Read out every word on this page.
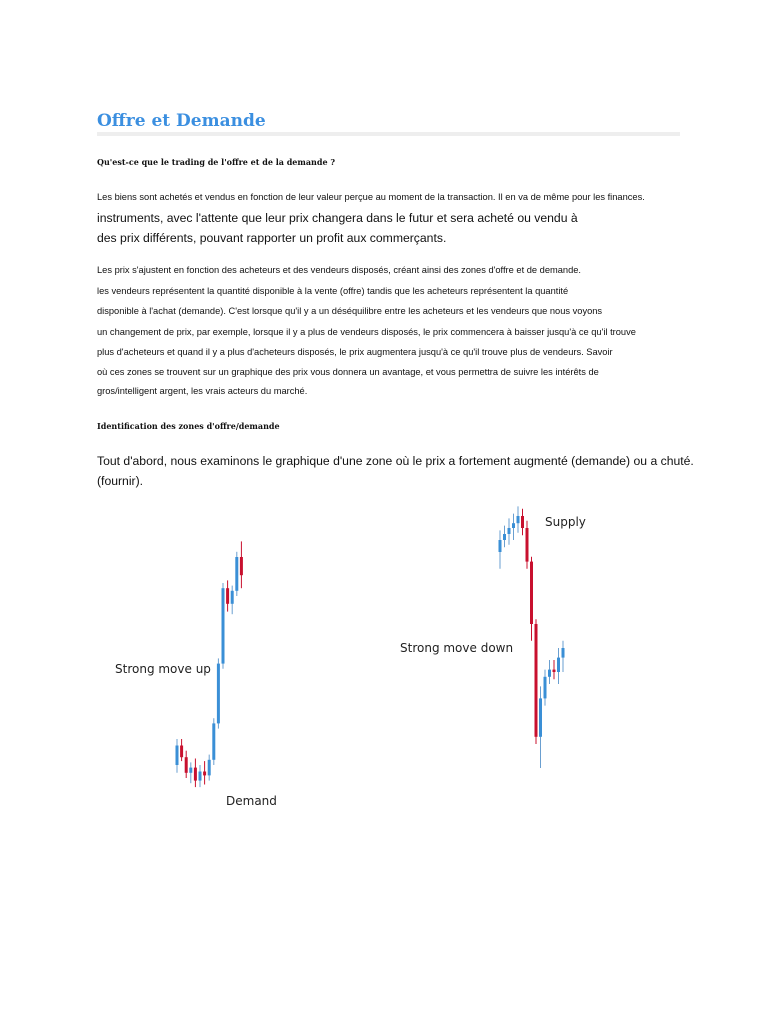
Offre et Demande

Qu'est-ce que le trading de l'offre et de la demande ?

Les biens sont achetés et vendus en fonction de leur valeur perçue au moment de la transaction. Il en va de même pour les finances.

instruments, avec l'attente que leur prix changera dans le futur et sera acheté ou vendu à

des prix différents, pouvant rapporter un profit aux commerçants.

Les prix s'ajustent en fonction des acheteurs et des vendeurs disposés, créant ainsi des zones d'offre et de demande.

les vendeurs représentent la quantité disponible à la vente (offre) tandis que les acheteurs représentent la quantité

disponible à l'achat (demande). C'est lorsque qu'il y a un déséquilibre entre les acheteurs et les vendeurs que nous voyons

un changement de prix, par exemple, lorsque il y a plus de vendeurs disposés, le prix commencera à baisser jusqu'à ce qu'il trouve

plus d'acheteurs et quand il y a plus d'acheteurs disposés, le prix augmentera jusqu'à ce qu'il trouve plus de vendeurs. Savoir

où ces zones se trouvent sur un graphique des prix vous donnera un avantage, et vous permettra de suivre les intérêts de

gros/intelligent argent, les vrais acteurs du marché.

Identification des zones d'offre/demande

Tout d'abord, nous examinons le graphique d'une zone où le prix a fortement augmenté (demande) ou a chuté.

(fournir).

Strong move up
Demand
Supply
Strong move down
